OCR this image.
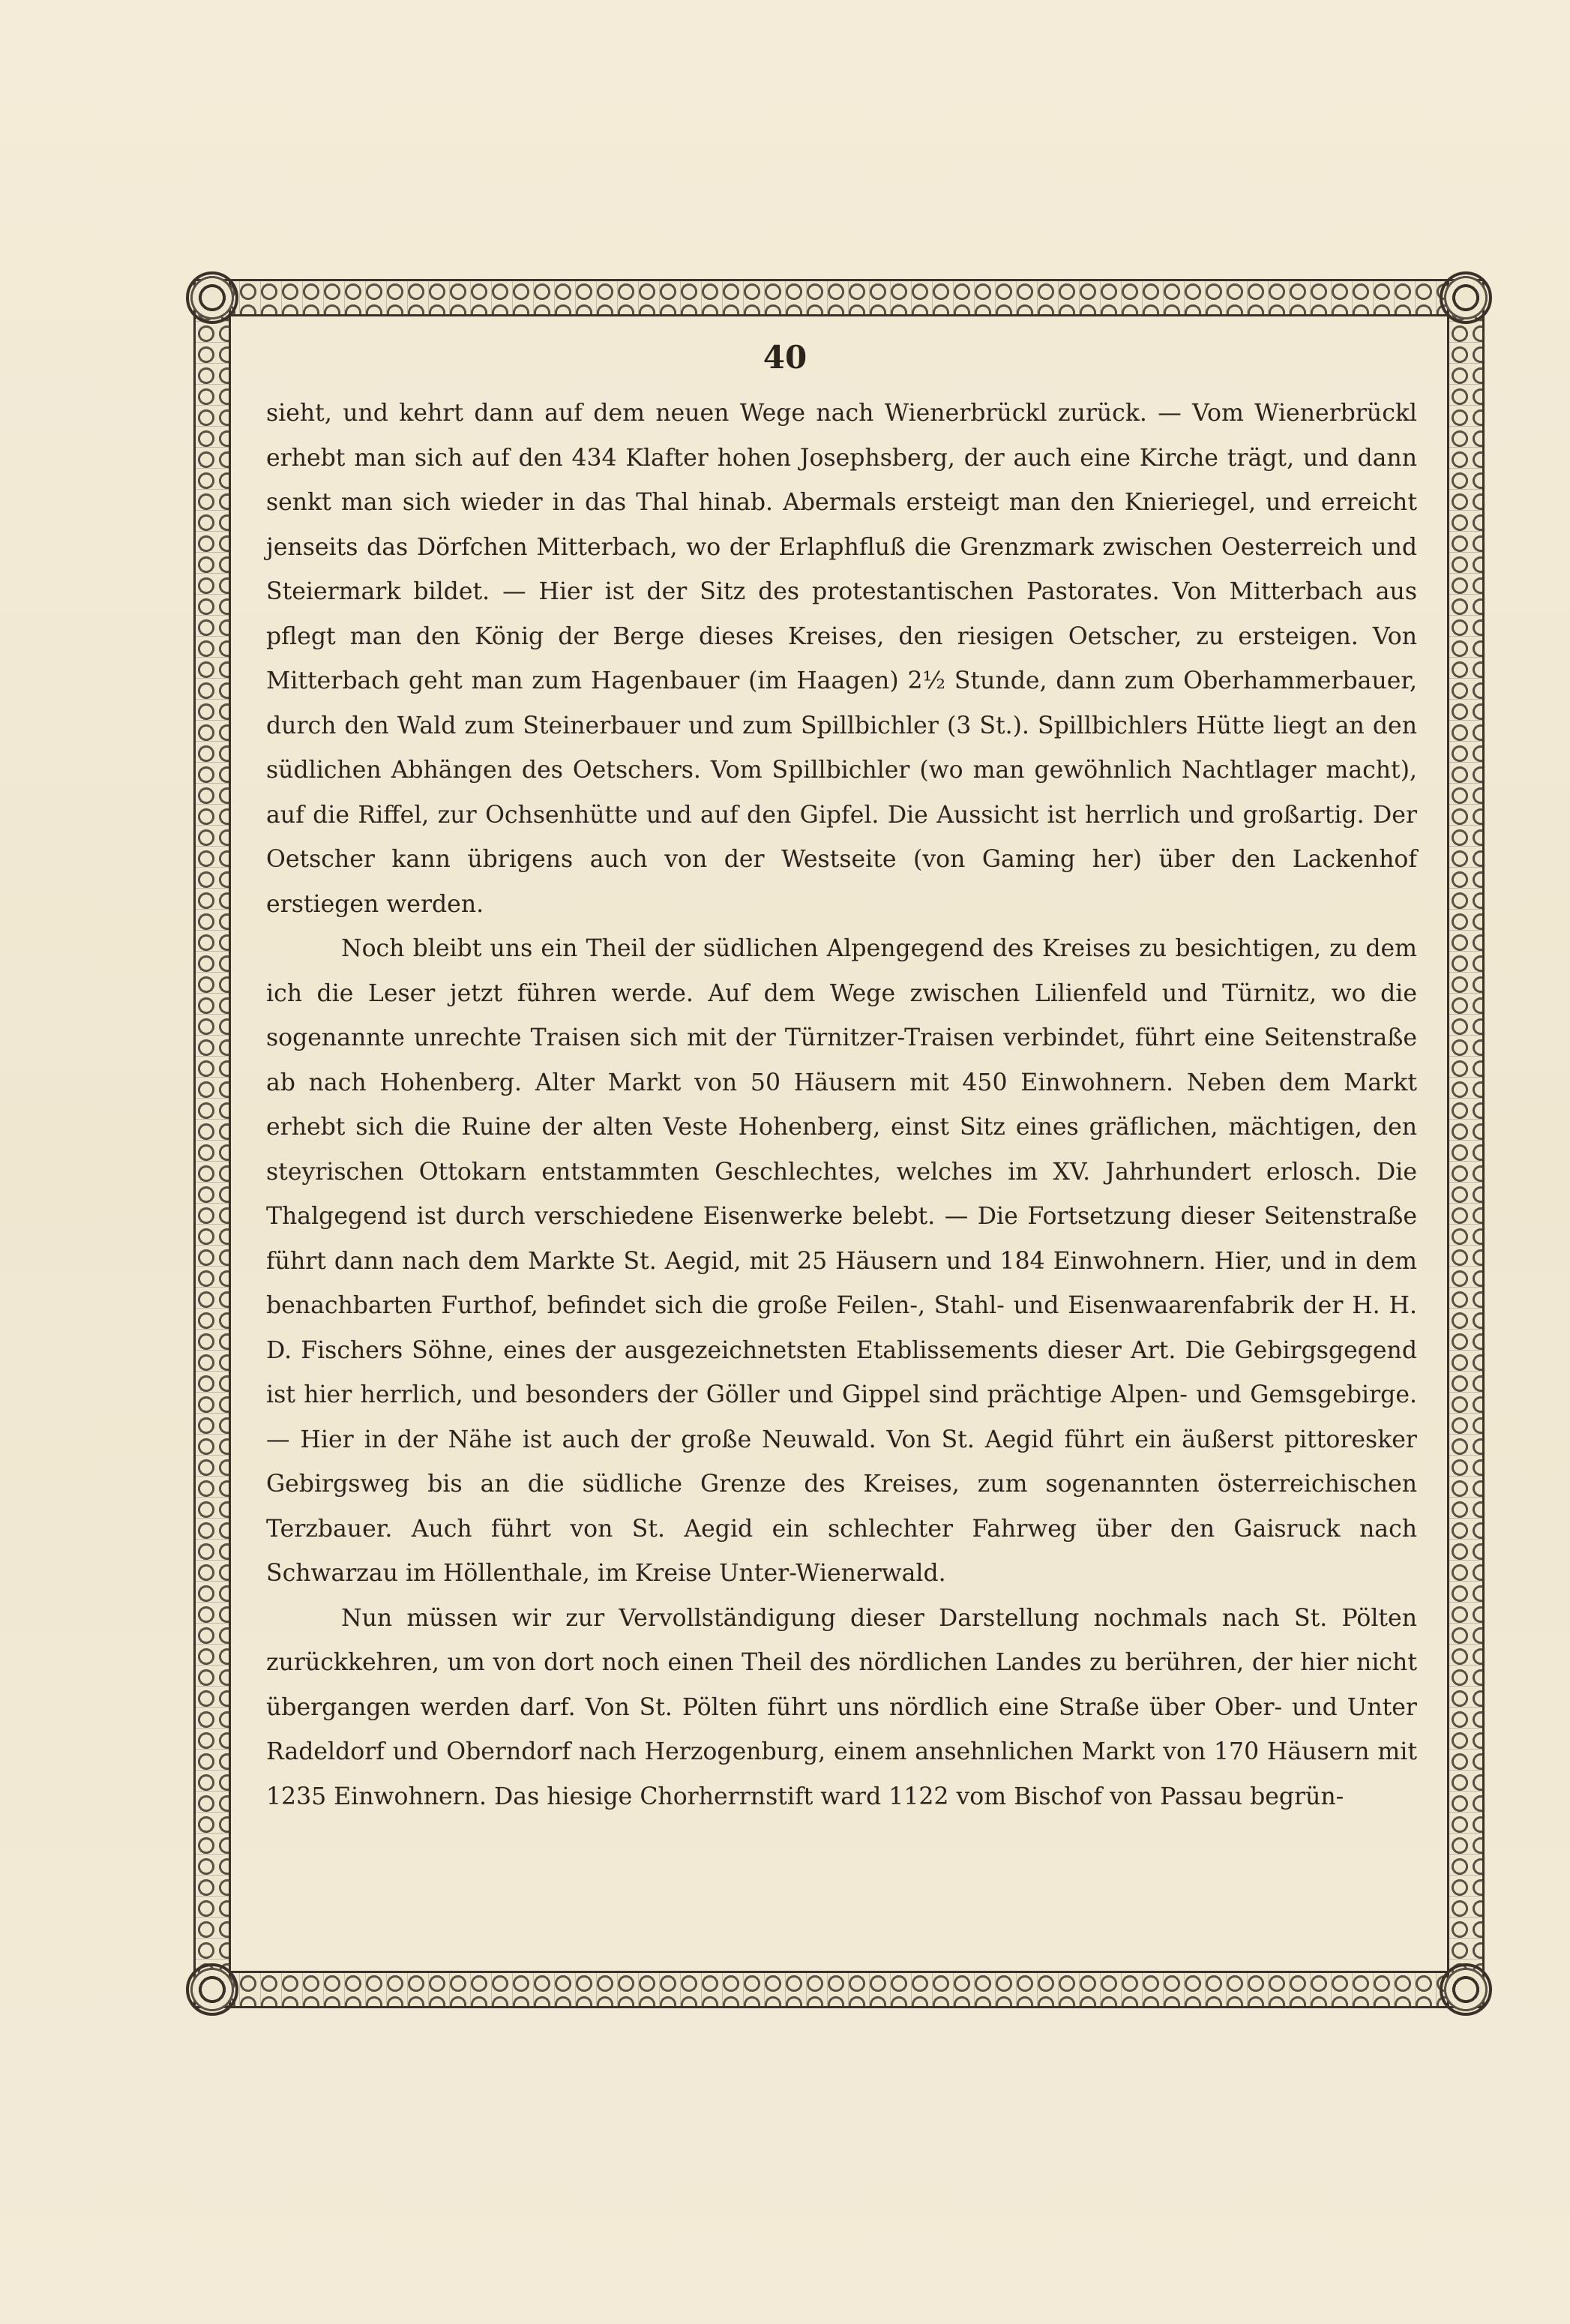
40

sieht, und kehrt dann auf dem neuen Wege nach Wienerbrückl zurück. — Vom Wienerbrückl erhebt man sich auf den 434 Klafter hohen Josephsberg, der auch eine Kirche trägt, und dann senkt man sich wieder in das Thal hinab. Abermals ersteigt man den Knieriegel, und erreicht jenseits das Dörfchen Mitterbach, wo der Erlaphfluß die Grenzmark zwischen Oesterreich und Steiermark bildet. — Hier ist der Sitz des protestantischen Pastorates. Von Mitterbach aus pflegt man den König der Berge dieses Kreises, den riesigen Oetscher, zu ersteigen. Von Mitterbach geht man zum Hagenbauer (im Haagen) 2½ Stunde, dann zum Oberhammerbauer, durch den Wald zum Steinerbauer und zum Spillbichler (3 St.). Spillbichlers Hütte liegt an den südlichen Abhängen des Oetschers. Vom Spillbichler (wo man gewöhnlich Nachtlager macht), auf die Riffel, zur Ochsenhütte und auf den Gipfel. Die Aussicht ist herrlich und großartig. Der Oetscher kann übrigens auch von der Westseite (von Gaming her) über den Lackenhof erstiegen werden.

Noch bleibt uns ein Theil der südlichen Alpengegend des Kreises zu besichtigen, zu dem ich die Leser jetzt führen werde. Auf dem Wege zwischen Lilienfeld und Türnitz, wo die sogenannte unrechte Traisen sich mit der Türnitzer-Traisen verbindet, führt eine Seitenstraße ab nach Hohenberg. Alter Markt von 50 Häusern mit 450 Einwohnern. Neben dem Markt erhebt sich die Ruine der alten Veste Hohenberg, einst Sitz eines gräflichen, mächtigen, den steyrischen Ottokarn entstammten Geschlechtes, welches im XV. Jahrhundert erlosch. Die Thalgegend ist durch verschiedene Eisenwerke belebt. — Die Fortsetzung dieser Seitenstraße führt dann nach dem Markte St. Aegid, mit 25 Häusern und 184 Einwohnern. Hier, und in dem benachbarten Furthof, befindet sich die große Feilen-, Stahl- und Eisenwaarenfabrik der H. H. D. Fischers Söhne, eines der ausgezeichnetsten Etablissements dieser Art. Die Gebirgsgegend ist hier herrlich, und besonders der Göller und Gippel sind prächtige Alpen- und Gemsgebirge. — Hier in der Nähe ist auch der große Neuwald. Von St. Aegid führt ein äußerst pittoresker Gebirgsweg bis an die südliche Grenze des Kreises, zum sogenannten österreichischen Terzbauer. Auch führt von St. Aegid ein schlechter Fahrweg über den Gaisruck nach Schwarzau im Höllenthale, im Kreise Unter-Wienerwald.

Nun müssen wir zur Vervollständigung dieser Darstellung nochmals nach St. Pölten zurückkehren, um von dort noch einen Theil des nördlichen Landes zu berühren, der hier nicht übergangen werden darf. Von St. Pölten führt uns nördlich eine Straße über Ober- und Unter Radeldorf und Oberndorf nach Herzogenburg, einem ansehnlichen Markt von 170 Häusern mit 1235 Einwohnern. Das hiesige Chorherrnstift ward 1122 vom Bischof von Passau begrün-
